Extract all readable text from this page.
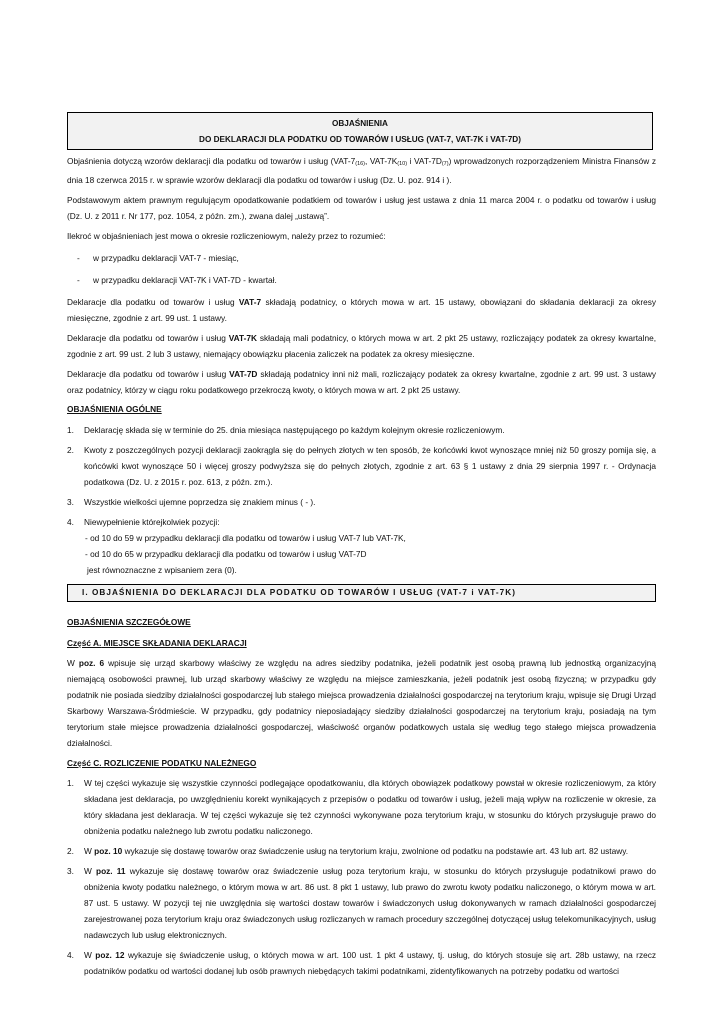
OBJAŚNIENIA
DO DEKLARACJI DLA PODATKU OD TOWARÓW I USŁUG (VAT-7, VAT-7K i VAT-7D)

Objaśnienia dotyczą wzorów deklaracji dla podatku od towarów i usług (VAT-7(16), VAT-7K(10) i VAT-7D(7)) wprowadzonych rozporządzeniem Ministra Finansów z dnia 18 czerwca 2015 r. w sprawie wzorów deklaracji dla podatku od towarów i usług (Dz. U. poz. 914 i ).

Podstawowym aktem prawnym regulującym opodatkowanie podatkiem od towarów i usług jest ustawa z dnia 11 marca 2004 r. o podatku od towarów i usług (Dz. U. z 2011 r. Nr 177, poz. 1054, z późn. zm.), zwana dalej „ustawą”.

Ilekroć w objaśnieniach jest mowa o okresie rozliczeniowym, należy przez to rozumieć:

- w przypadku deklaracji VAT-7 - miesiąc,
- w przypadku deklaracji VAT-7K i VAT-7D - kwartał.

Deklaracje dla podatku od towarów i usług VAT-7 składają podatnicy, o których mowa w art. 15 ustawy, obowiązani do składania deklaracji za okresy miesięczne, zgodnie z art. 99 ust. 1 ustawy.

Deklaracje dla podatku od towarów i usług VAT-7K składają mali podatnicy, o których mowa w art. 2 pkt 25 ustawy, rozliczający podatek za okresy kwartalne, zgodnie z art. 99 ust. 2 lub 3 ustawy, niemający obowiązku płacenia zaliczek na podatek za okresy miesięczne.

Deklaracje dla podatku od towarów i usług VAT-7D składają podatnicy inni niż mali, rozliczający podatek za okresy kwartalne, zgodnie z art. 99 ust. 3 ustawy oraz podatnicy, którzy w ciągu roku podatkowego przekroczą kwoty, o których mowa w art. 2 pkt 25 ustawy.

OBJAŚNIENIA OGÓLNE
1. Deklarację składa się w terminie do 25. dnia miesiąca następującego po każdym kolejnym okresie rozliczeniowym.
2. Kwoty z poszczególnych pozycji deklaracji zaokrągla się do pełnych złotych w ten sposób, że końcówki kwot wynoszące mniej niż 50 groszy pomija się, a końcówki kwot wynoszące 50 i więcej groszy podwyższa się do pełnych złotych, zgodnie z art. 63 § 1 ustawy z dnia 29 sierpnia 1997 r. - Ordynacja podatkowa (Dz. U. z 2015 r. poz. 613, z późn. zm.).
3. Wszystkie wielkości ujemne poprzedza się znakiem minus ( - ).
4. Niewypełnienie którejkolwiek pozycji:
- od 10 do 59 w przypadku deklaracji dla podatku od towarów i usług VAT-7 lub VAT-7K,
- od 10 do 65 w przypadku deklaracji dla podatku od towarów i usług VAT-7D
jest równoznaczne z wpisaniem zera (0).
I. OBJAŚNIENIA DO DEKLARACJI DLA PODATKU OD TOWARÓW I USŁUG (VAT-7 i VAT-7K)
OBJAŚNIENIA SZCZEGÓŁOWE
Część A. MIEJSCE SKŁADANIA DEKLARACJI

W poz. 6 wpisuje się urząd skarbowy właściwy ze względu na adres siedziby podatnika, jeżeli podatnik jest osobą prawną lub jednostką organizacyjną niemającą osobowości prawnej, lub urząd skarbowy właściwy ze względu na miejsce zamieszkania, jeżeli podatnik jest osobą fizyczną; w przypadku gdy podatnik nie posiada siedziby działalności gospodarczej lub stałego miejsca prowadzenia działalności gospodarczej na terytorium kraju, wpisuje się Drugi Urząd Skarbowy Warszawa-Śródmieście. W przypadku, gdy podatnicy nieposiadający siedziby działalności gospodarczej na terytorium kraju, posiadają na tym terytorium stałe miejsce prowadzenia działalności gospodarczej, właściwość organów podatkowych ustala się według tego stałego miejsca prowadzenia działalności.

Część C. ROZLICZENIE PODATKU NALEŻNEGO
1. W tej części wykazuje się wszystkie czynności podlegające opodatkowaniu, dla których obowiązek podatkowy powstał w okresie rozliczeniowym, za który składana jest deklaracja, po uwzględnieniu korekt wynikających z przepisów o podatku od towarów i usług, jeżeli mają wpływ na rozliczenie w okresie, za który składana jest deklaracja. W tej części wykazuje się też czynności wykonywane poza terytorium kraju, w stosunku do których przysługuje prawo do obniżenia podatku należnego lub zwrotu podatku naliczonego.
2. W poz. 10 wykazuje się dostawę towarów oraz świadczenie usług na terytorium kraju, zwolnione od podatku na podstawie art. 43 lub art. 82 ustawy.
3. W poz. 11 wykazuje się dostawę towarów oraz świadczenie usług poza terytorium kraju, w stosunku do których przysługuje podatnikowi prawo do obniżenia kwoty podatku należnego, o którym mowa w art. 86 ust. 8 pkt 1 ustawy, lub prawo do zwrotu kwoty podatku naliczonego, o którym mowa w art. 87 ust. 5 ustawy. W pozycji tej nie uwzględnia się wartości dostaw towarów i świadczonych usług dokonywanych w ramach działalności gospodarczej zarejestrowanej poza terytorium kraju oraz świadczonych usług rozliczanych w ramach procedury szczególnej dotyczącej usług telekomunikacyjnych, usług nadawczych lub usług elektronicznych.
4. W poz. 12 wykazuje się świadczenie usług, o których mowa w art. 100 ust. 1 pkt 4 ustawy, tj. usług, do których stosuje się art. 28b ustawy, na rzecz podatników podatku od wartości dodanej lub osób prawnych niebędących takimi podatnikami, zidentyfikowanych na potrzeby podatku od wartości
